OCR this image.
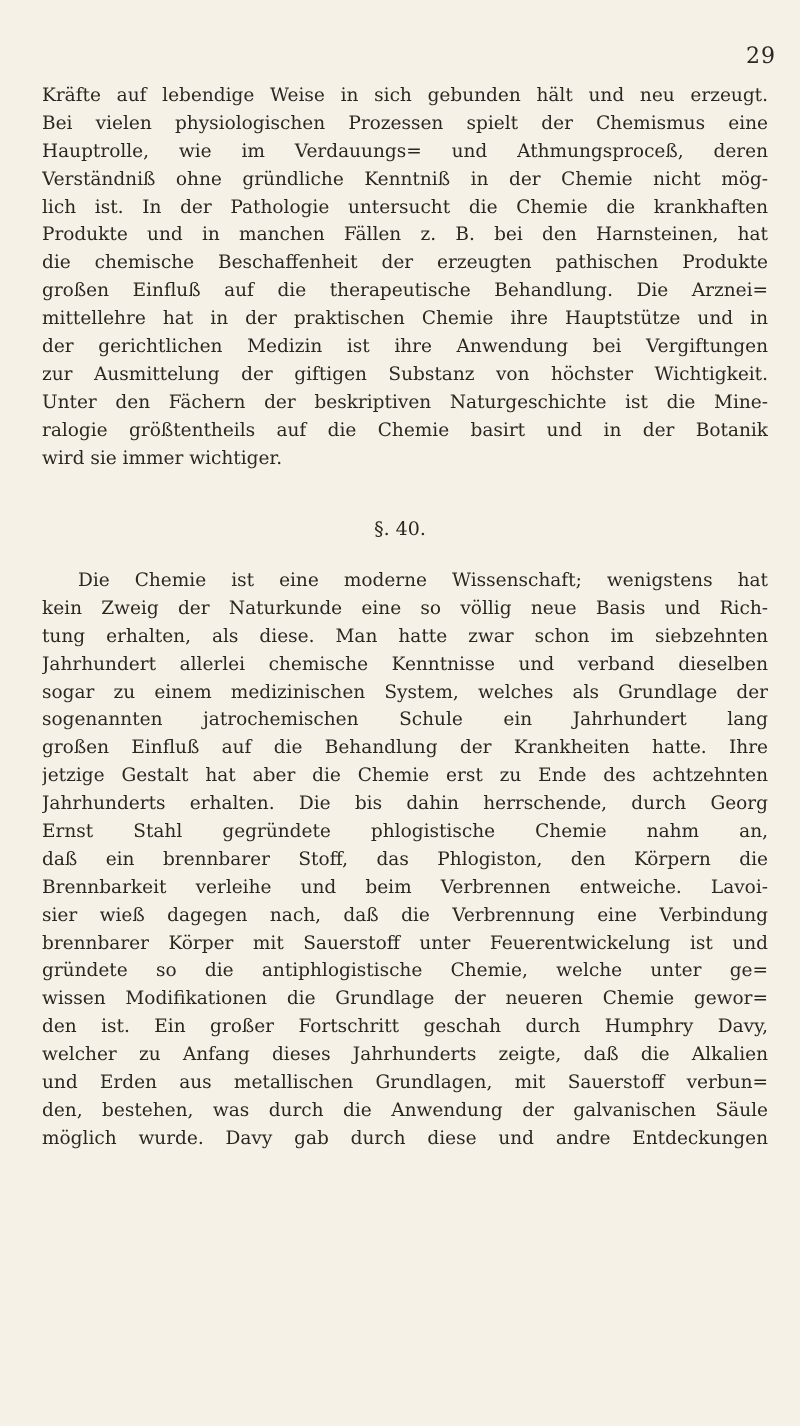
29
Kräfte auf lebendige Weise in sich gebunden hält und neu erzeugt.
Bei vielen physiologischen Prozessen spielt der Chemismus eine
Hauptrolle, wie im Verdauungs= und Athmungsproceß, deren
Verständniß ohne gründliche Kenntniß in der Chemie nicht mög-
lich ist. In der Pathologie untersucht die Chemie die krankhaften
Produkte und in manchen Fällen z. B. bei den Harnsteinen, hat
die chemische Beschaffenheit der erzeugten pathischen Produkte
großen Einfluß auf die therapeutische Behandlung. Die Arznei=
mittellehre hat in der praktischen Chemie ihre Hauptstütze und in
der gerichtlichen Medizin ist ihre Anwendung bei Vergiftungen
zur Ausmittelung der giftigen Substanz von höchster Wichtigkeit.
Unter den Fächern der beskriptiven Naturgeschichte ist die Mine-
ralogie größtentheils auf die Chemie basirt und in der Botanik
wird sie immer wichtiger.
§. 40.
Die Chemie ist eine moderne Wissenschaft; wenigstens hat
kein Zweig der Naturkunde eine so völlig neue Basis und Rich-
tung erhalten, als diese. Man hatte zwar schon im siebzehnten
Jahrhundert allerlei chemische Kenntnisse und verband dieselben
sogar zu einem medizinischen System, welches als Grundlage der
sogenannten jatrochemischen Schule ein Jahrhundert lang
großen Einfluß auf die Behandlung der Krankheiten hatte. Ihre
jetzige Gestalt hat aber die Chemie erst zu Ende des achtzehnten
Jahrhunderts erhalten. Die bis dahin herrschende, durch Georg
Ernst Stahl gegründete phlogistische Chemie nahm an,
daß ein brennbarer Stoff, das Phlogiston, den Körpern die
Brennbarkeit verleihe und beim Verbrennen entweiche. Lavoi-
sier wieß dagegen nach, daß die Verbrennung eine Verbindung
brennbarer Körper mit Sauerstoff unter Feuerentwickelung ist und
gründete so die antiphlogistische Chemie, welche unter ge=
wissen Modifikationen die Grundlage der neueren Chemie gewor=
den ist. Ein großer Fortschritt geschah durch Humphry Davy,
welcher zu Anfang dieses Jahrhunderts zeigte, daß die Alkalien
und Erden aus metallischen Grundlagen, mit Sauerstoff verbun=
den, bestehen, was durch die Anwendung der galvanischen Säule
möglich wurde. Davy gab durch diese und andre Entdeckungen
